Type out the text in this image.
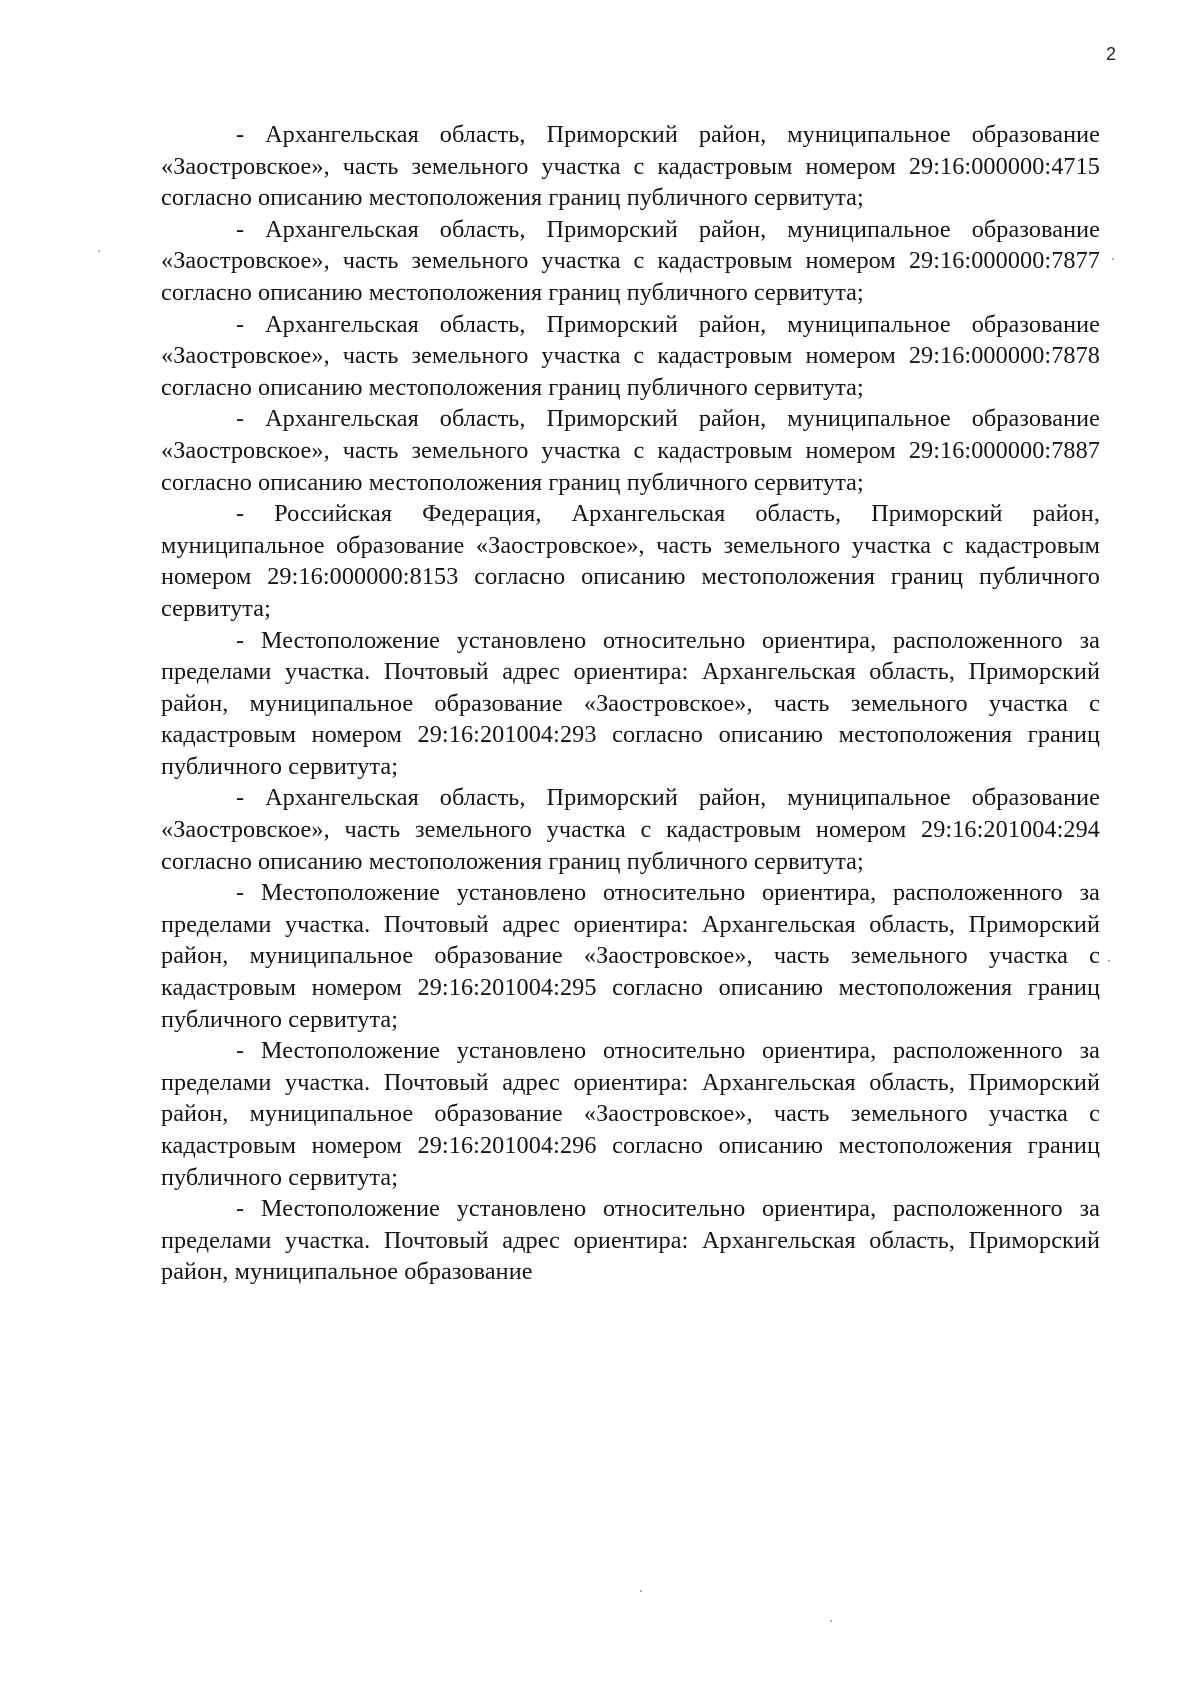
2

- Архангельская область, Приморский район, муниципальное образование «Заостровское», часть земельного участка с кадастровым номером 29:16:000000:4715 согласно описанию местоположения границ публичного сервитута;

- Архангельская область, Приморский район, муниципальное образование «Заостровское», часть земельного участка с кадастровым номером 29:16:000000:7877 согласно описанию местоположения границ публичного сервитута;

- Архангельская область, Приморский район, муниципальное образование «Заостровское», часть земельного участка с кадастровым номером 29:16:000000:7878 согласно описанию местоположения границ публичного сервитута;

- Архангельская область, Приморский район, муниципальное образование «Заостровское», часть земельного участка с кадастровым номером 29:16:000000:7887 согласно описанию местоположения границ публичного сервитута;

- Российская Федерация, Архангельская область, Приморский район, муниципальное образование «Заостровское», часть земельного участка с кадастровым номером 29:16:000000:8153 согласно описанию местоположения границ публичного сервитута;

- Местоположение установлено относительно ориентира, расположенного за пределами участка. Почтовый адрес ориентира: Архангельская область, Приморский район, муниципальное образование «Заостровское», часть земельного участка с кадастровым номером 29:16:201004:293 согласно описанию местоположения границ публичного сервитута;

- Архангельская область, Приморский район, муниципальное образование «Заостровское», часть земельного участка с кадастровым номером 29:16:201004:294 согласно описанию местоположения границ публичного сервитута;

- Местоположение установлено относительно ориентира, расположенного за пределами участка. Почтовый адрес ориентира: Архангельская область, Приморский район, муниципальное образование «Заостровское», часть земельного участка с кадастровым номером 29:16:201004:295 согласно описанию местоположения границ публичного сервитута;

- Местоположение установлено относительно ориентира, расположенного за пределами участка. Почтовый адрес ориентира: Архангельская область, Приморский район, муниципальное образование «Заостровское», часть земельного участка с кадастровым номером 29:16:201004:296 согласно описанию местоположения границ публичного сервитута;

- Местоположение установлено относительно ориентира, расположенного за пределами участка. Почтовый адрес ориентира: Архангельская область, Приморский район, муниципальное образование
